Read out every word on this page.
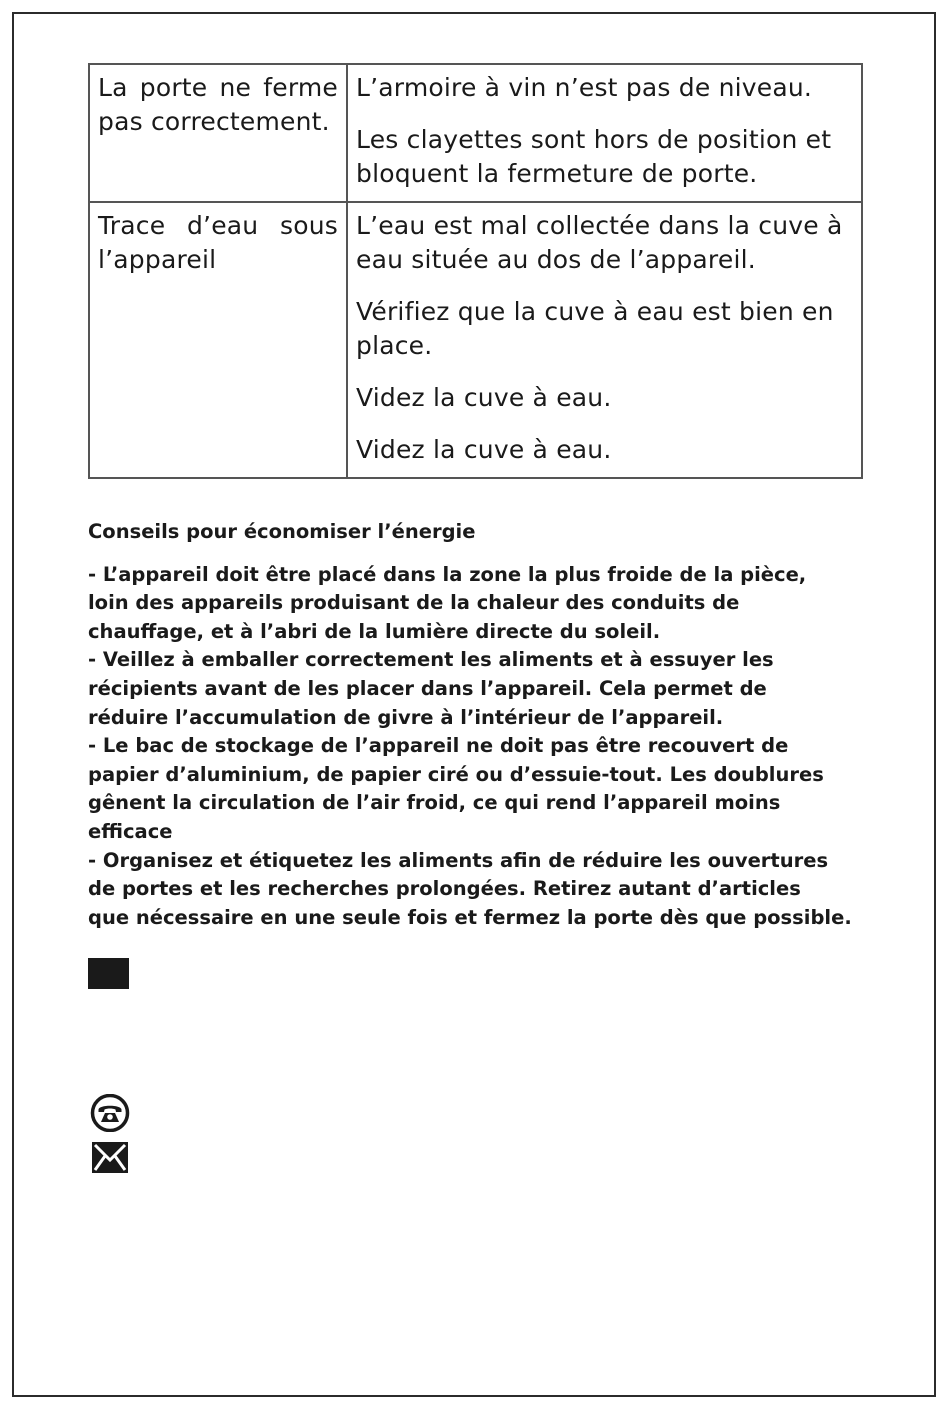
La porte ne ferme pas correctement.	L’armoire à vin n’est pas de niveau.

Les clayettes sont hors de position et bloquent la fermeture de porte.

Trace d’eau sous l’appareil	L’eau est mal collectée dans la cuve à eau située au dos de l’appareil.

Vérifiez que la cuve à eau est bien en place.

Videz la cuve à eau.

Videz la cuve à eau.

Conseils pour économiser l’énergie

- L’appareil doit être placé dans la zone la plus froide de la pièce,
loin des appareils produisant de la chaleur des conduits de
chauffage, et à l’abri de la lumière directe du soleil.

- Veillez à emballer correctement les aliments et à essuyer les
récipients avant de les placer dans l’appareil. Cela permet de
réduire l’accumulation de givre à l’intérieur de l’appareil.

- Le bac de stockage de l’appareil ne doit pas être recouvert de
papier d’aluminium, de papier ciré ou d’essuie-tout. Les doublures
gênent la circulation de l’air froid, ce qui rend l’appareil moins
efficace

- Organisez et étiquetez les aliments afin de réduire les ouvertures
de portes et les recherches prolongées. Retirez autant d’articles
que nécessaire en une seule fois et fermez la porte dès que possible.
